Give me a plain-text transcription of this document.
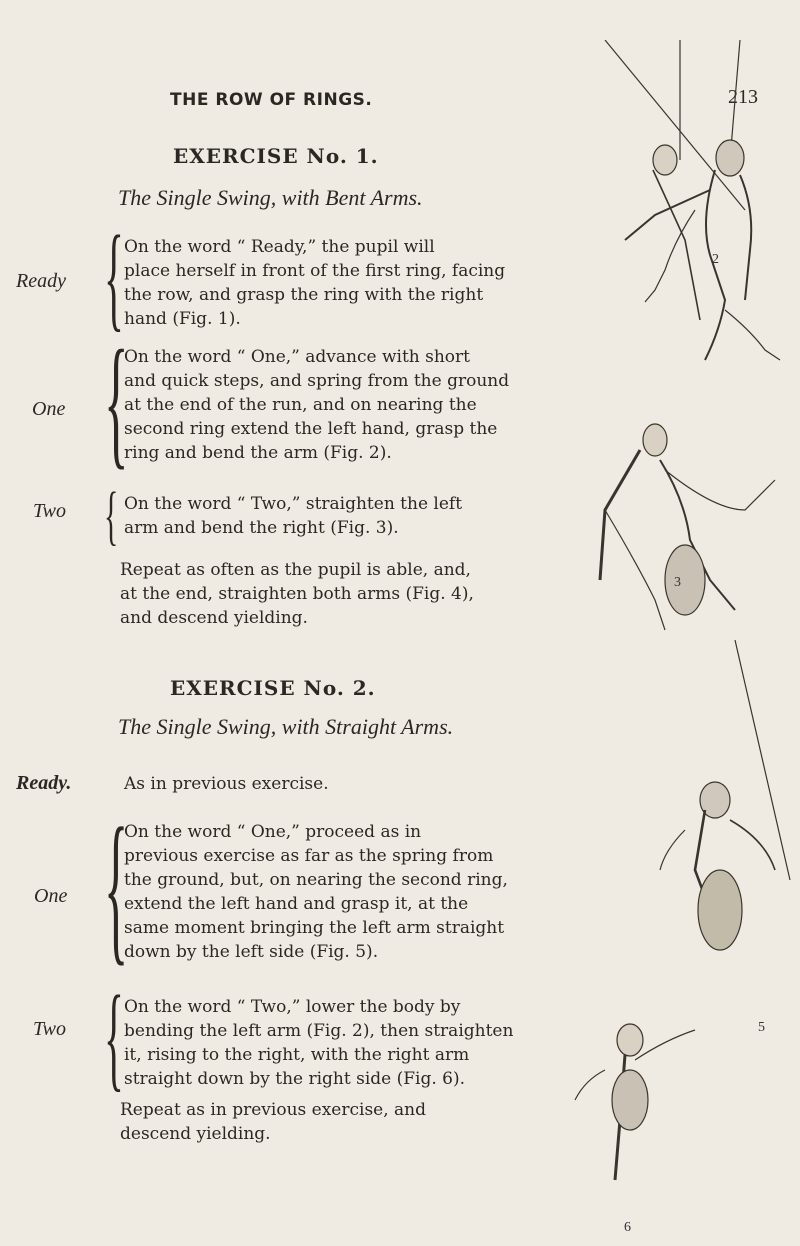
THE ROW OF RINGS.	213
EXERCISE No. 1.
The Single Swing, with Bent Arms.
Ready { On the word “ Ready,” the pupil will
place herself in front of the first ring, facing
the row, and grasp the ring with the right
hand (Fig. 1).
One {
On the word “ One,” advance with short
and quick steps, and spring from the ground
at the end of the run, and on nearing the
second ring extend the left hand, grasp the
ring and bend the arm (Fig. 2).
Two { On the word “ Two,” straighten the left
arm and bend the right (Fig. 3).
Repeat as often as the pupil is able, and,
at the end, straighten both arms (Fig. 4),
and descend yielding.
EXERCISE No. 2.
The Single Swing, with Straight Arms.
Ready.	As in previous exercise.
One {
On the word “ One,” proceed as in
previous exercise as far as the spring from
the ground, but, on nearing the second ring,
extend the left hand and grasp it, at the
same moment bringing the left arm straight
down by the left side (Fig. 5).
Two { On the word “ Two,” lower the body by
bending the left arm (Fig. 2), then straighten
it, rising to the right, with the right arm
straight down by the right side (Fig. 6).
Repeat as in previous exercise, and
descend yielding.
2
3
5
6
